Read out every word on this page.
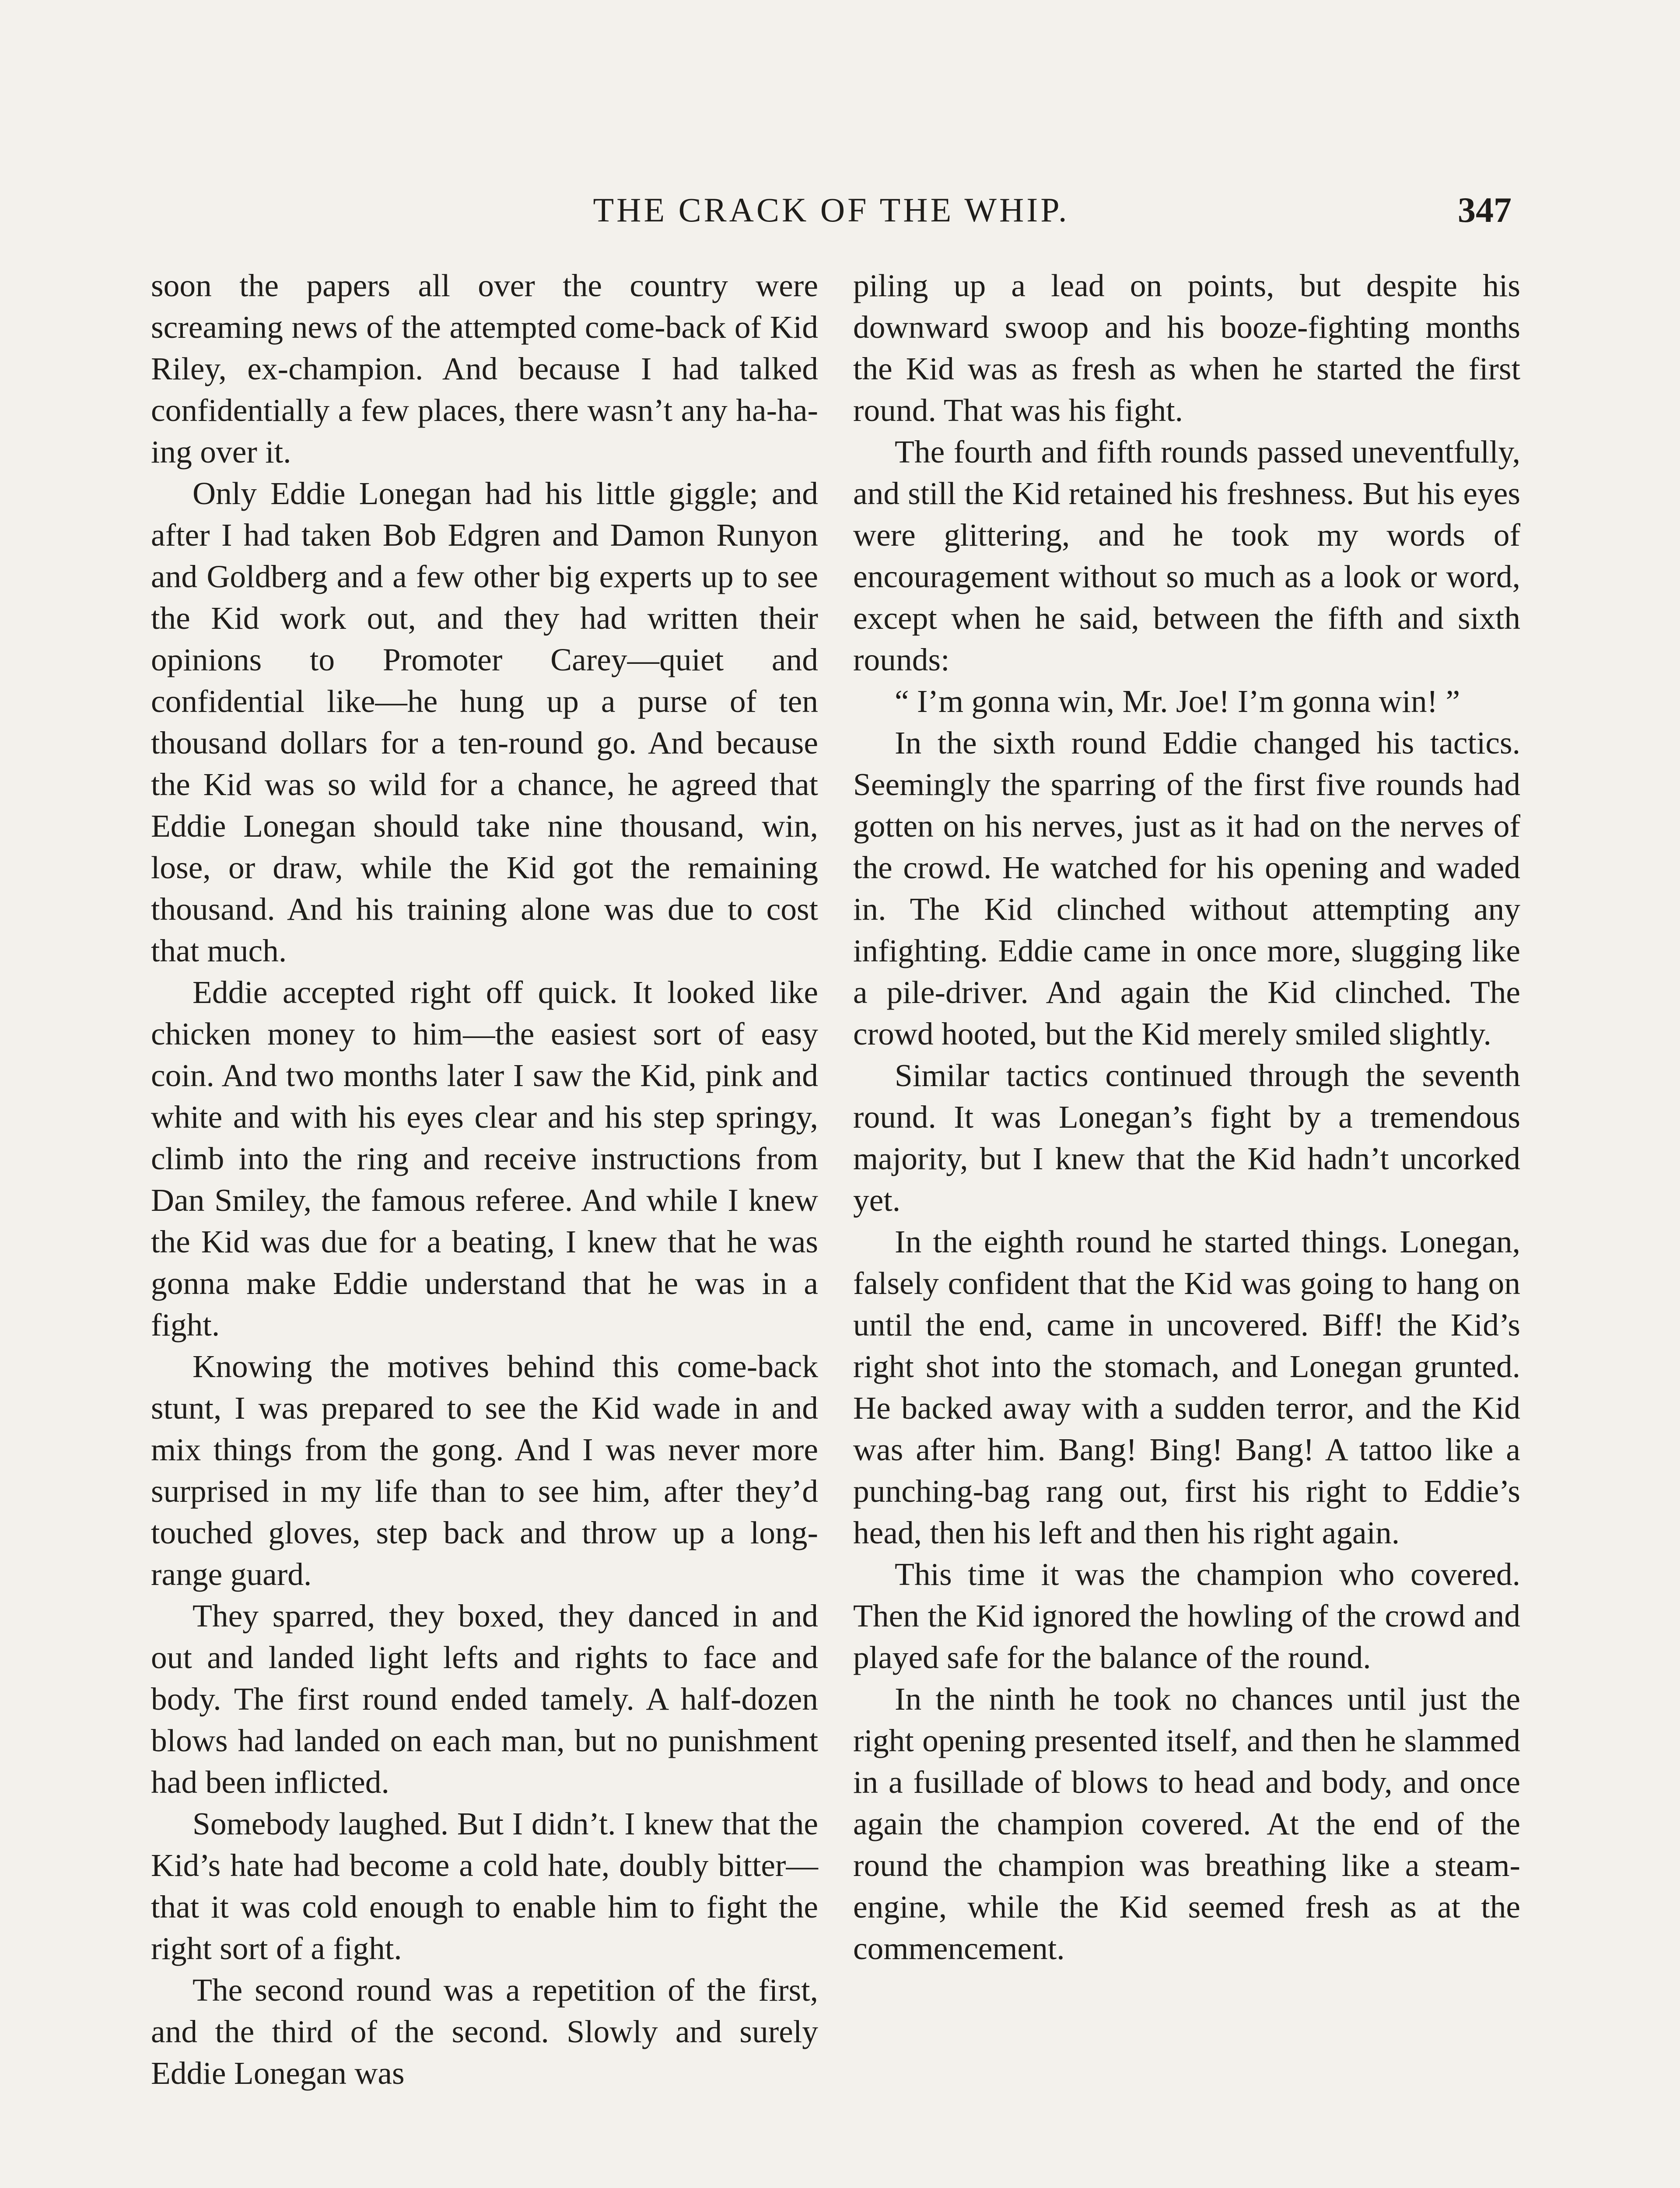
THE CRACK OF THE WHIP.	347

soon the papers all over the country were screaming news of the attempted come-back of Kid Riley, ex-champion. And because I had talked confidentially a few places, there wasn’t any ha-ha-ing over it.

Only Eddie Lonegan had his little giggle; and after I had taken Bob Edgren and Damon Runyon and Goldberg and a few other big experts up to see the Kid work out, and they had written their opinions to Promoter Carey—quiet and confidential like—he hung up a purse of ten thousand dollars for a ten-round go. And because the Kid was so wild for a chance, he agreed that Eddie Lonegan should take nine thousand, win, lose, or draw, while the Kid got the remaining thousand. And his training alone was due to cost that much.

Eddie accepted right off quick. It looked like chicken money to him—the easiest sort of easy coin. And two months later I saw the Kid, pink and white and with his eyes clear and his step springy, climb into the ring and receive instructions from Dan Smiley, the famous referee. And while I knew the Kid was due for a beating, I knew that he was gonna make Eddie understand that he was in a fight.

Knowing the motives behind this come-back stunt, I was prepared to see the Kid wade in and mix things from the gong. And I was never more surprised in my life than to see him, after they’d touched gloves, step back and throw up a long-range guard.

They sparred, they boxed, they danced in and out and landed light lefts and rights to face and body. The first round ended tamely. A half-dozen blows had landed on each man, but no punishment had been inflicted.

Somebody laughed. But I didn’t. I knew that the Kid’s hate had become a cold hate, doubly bitter—that it was cold enough to enable him to fight the right sort of a fight.

The second round was a repetition of the first, and the third of the second. Slowly and surely Eddie Lonegan was

piling up a lead on points, but despite his downward swoop and his booze-fighting months the Kid was as fresh as when he started the first round. That was his fight.

The fourth and fifth rounds passed uneventfully, and still the Kid retained his freshness. But his eyes were glittering, and he took my words of encouragement without so much as a look or word, except when he said, between the fifth and sixth rounds:

“ I’m gonna win, Mr. Joe! I’m gonna win! ”

In the sixth round Eddie changed his tactics. Seemingly the sparring of the first five rounds had gotten on his nerves, just as it had on the nerves of the crowd. He watched for his opening and waded in. The Kid clinched without attempting any infighting. Eddie came in once more, slugging like a pile-driver. And again the Kid clinched. The crowd hooted, but the Kid merely smiled slightly.

Similar tactics continued through the seventh round. It was Lonegan’s fight by a tremendous majority, but I knew that the Kid hadn’t uncorked yet.

In the eighth round he started things. Lonegan, falsely confident that the Kid was going to hang on until the end, came in uncovered. Biff! the Kid’s right shot into the stomach, and Lonegan grunted. He backed away with a sudden terror, and the Kid was after him. Bang! Bing! Bang! A tattoo like a punching-bag rang out, first his right to Eddie’s head, then his left and then his right again.

This time it was the champion who covered. Then the Kid ignored the howling of the crowd and played safe for the balance of the round.

In the ninth he took no chances until just the right opening presented itself, and then he slammed in a fusillade of blows to head and body, and once again the champion covered. At the end of the round the champion was breathing like a steam-engine, while the Kid seemed fresh as at the commencement.
